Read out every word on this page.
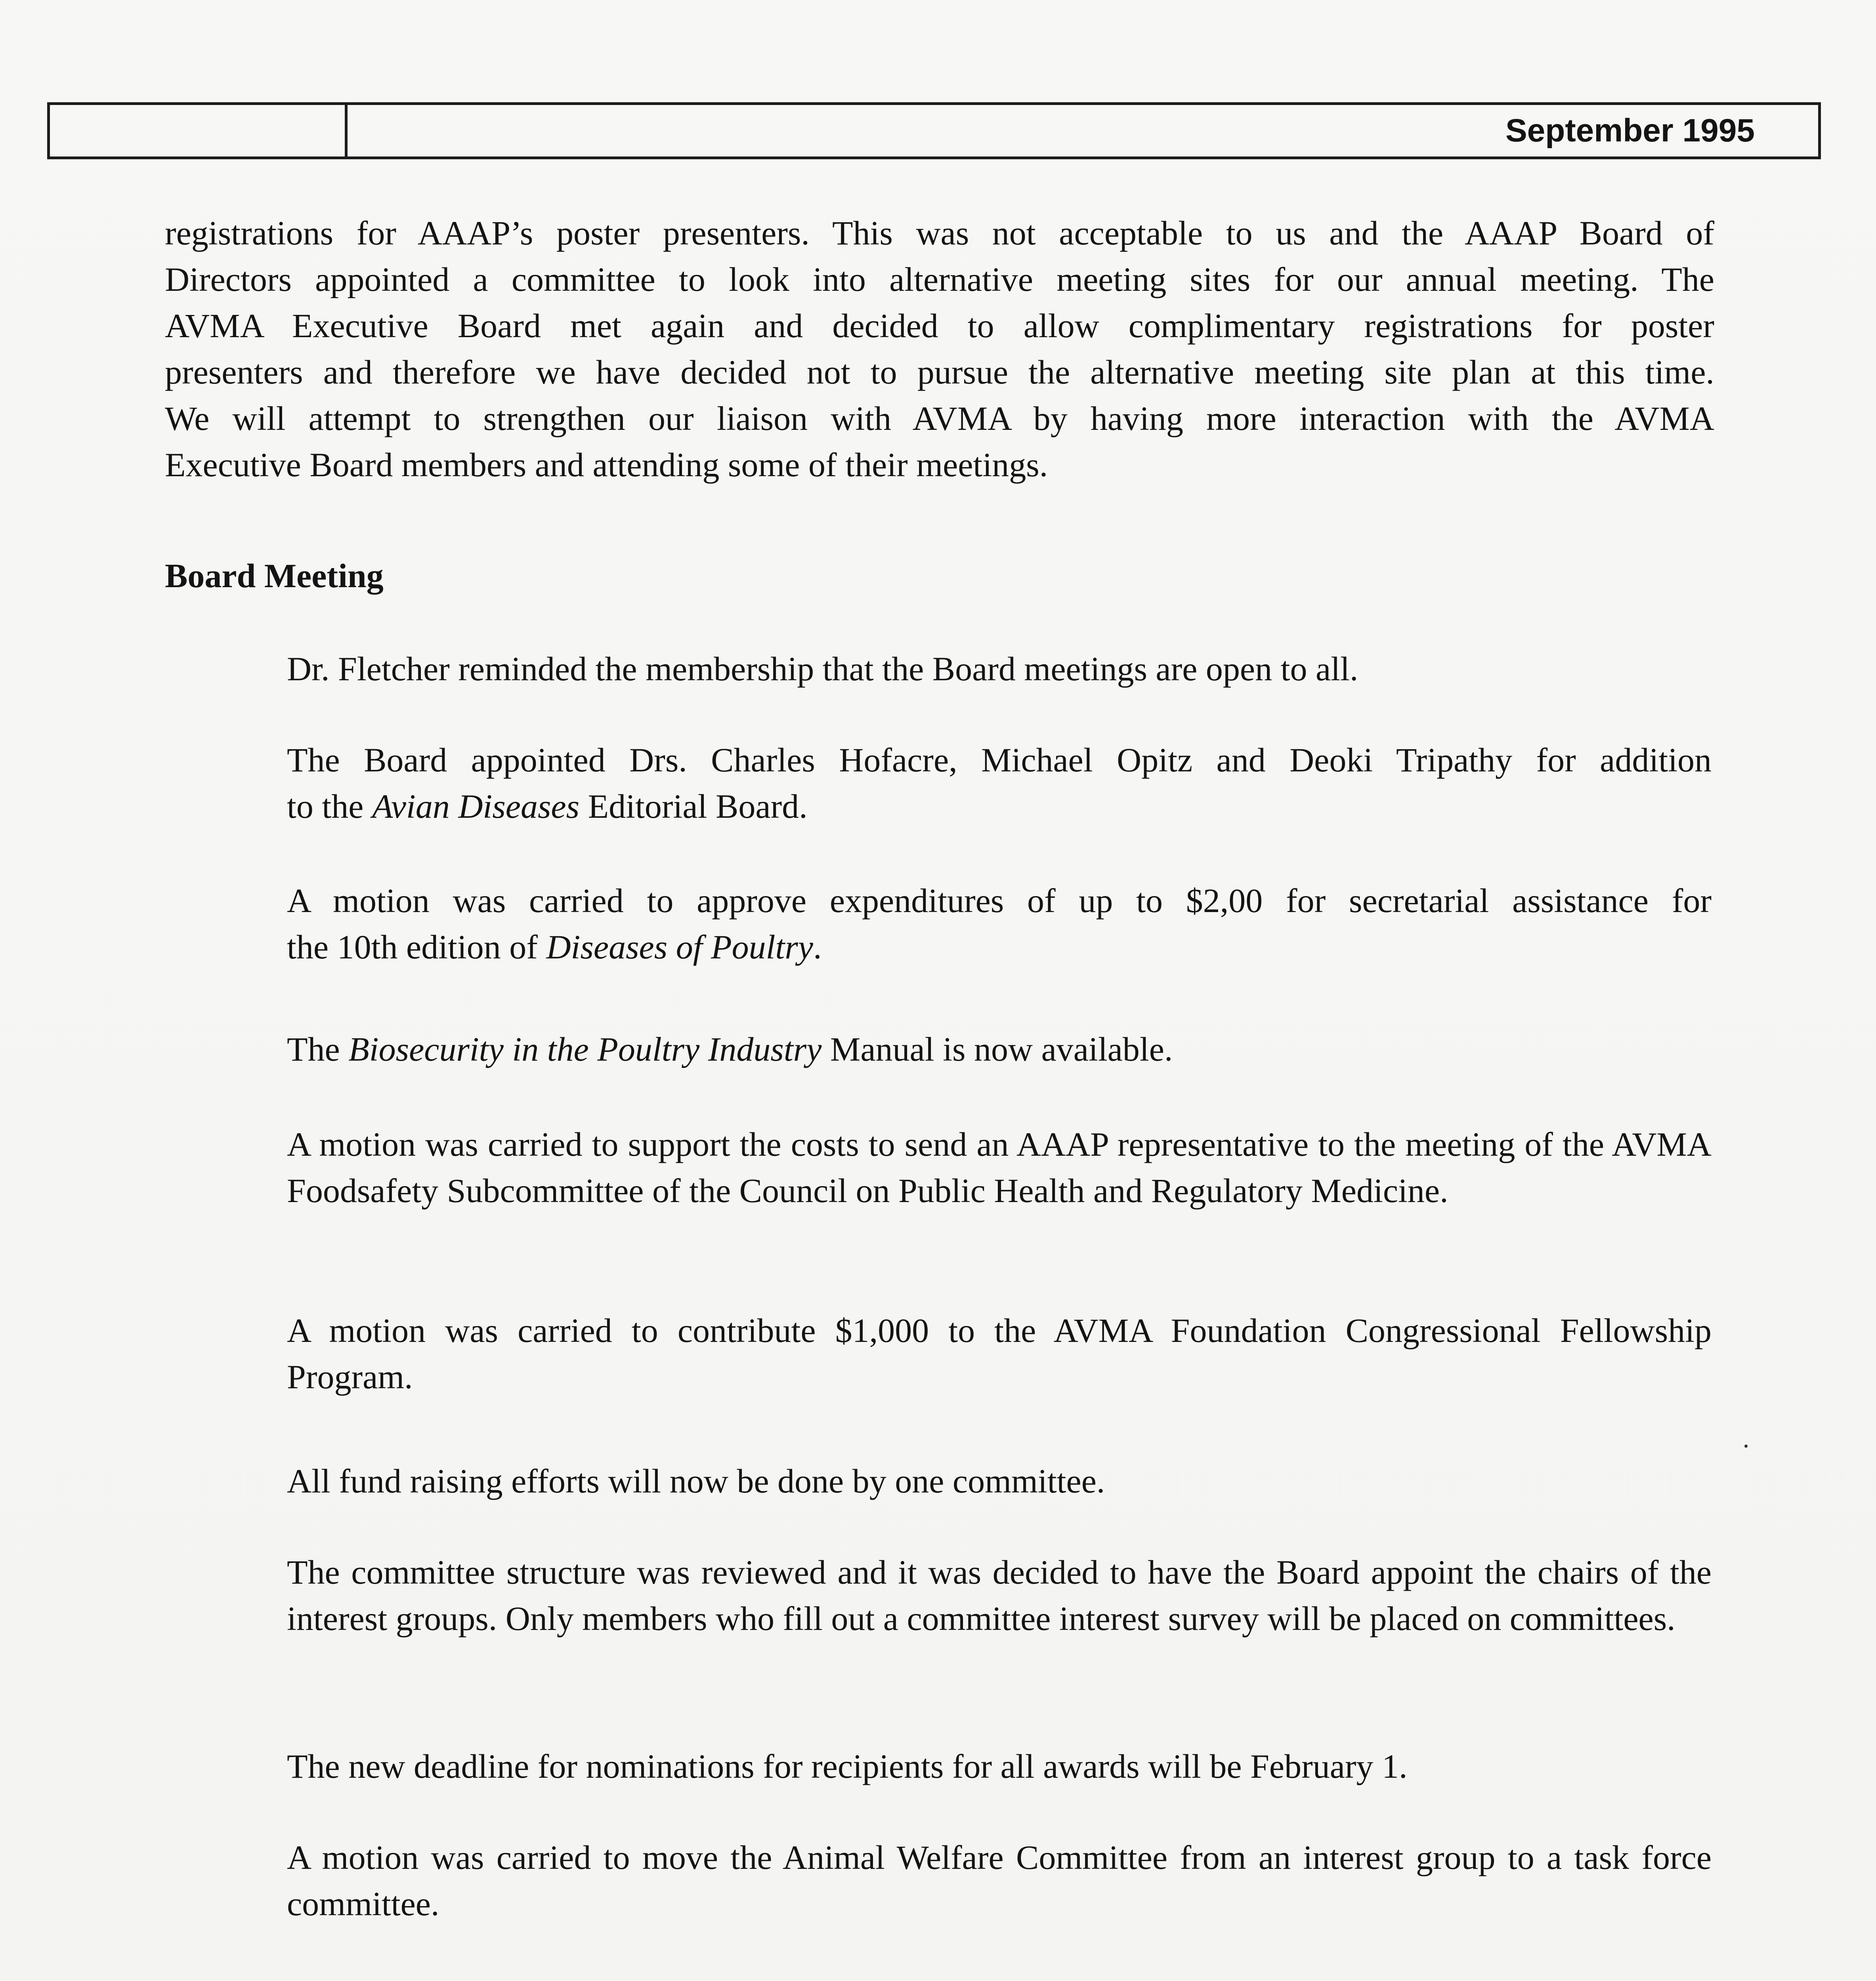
September 1995

registrations for AAAP’s poster presenters. This was not acceptable to us and the AAAP Board of

Directors appointed a committee to look into alternative meeting sites for our annual meeting. The

AVMA Executive Board met again and decided to allow complimentary registrations for poster

presenters and therefore we have decided not to pursue the alternative meeting site plan at this time.

We will attempt to strengthen our liaison with AVMA by having more interaction with the AVMA

Executive Board members and attending some of their meetings.

Board Meeting

Dr. Fletcher reminded the membership that the Board meetings are open to all.

The Board appointed Drs. Charles Hofacre, Michael Opitz and Deoki Tripathy for addition

to the Avian Diseases Editorial Board.

A motion was carried to approve expenditures of up to $2,00 for secretarial assistance for

the 10th edition of Diseases of Poultry.

The Biosecurity in the Poultry Industry Manual is now available.

A motion was carried to support the costs to send an AAAP representative to the meeting of the AVMA Foodsafety Subcommittee of the Council on Public Health and Regulatory Medicine.

A motion was carried to contribute $1,000 to the AVMA Foundation Congressional Fellowship Program.

All fund raising efforts will now be done by one committee.

The committee structure was reviewed and it was decided to have the Board appoint the chairs of the interest groups. Only members who fill out a committee interest survey will be placed on committees.

The new deadline for nominations for recipients for all awards will be February 1.

A motion was carried to move the Animal Welfare Committee from an interest group to a task force committee.
